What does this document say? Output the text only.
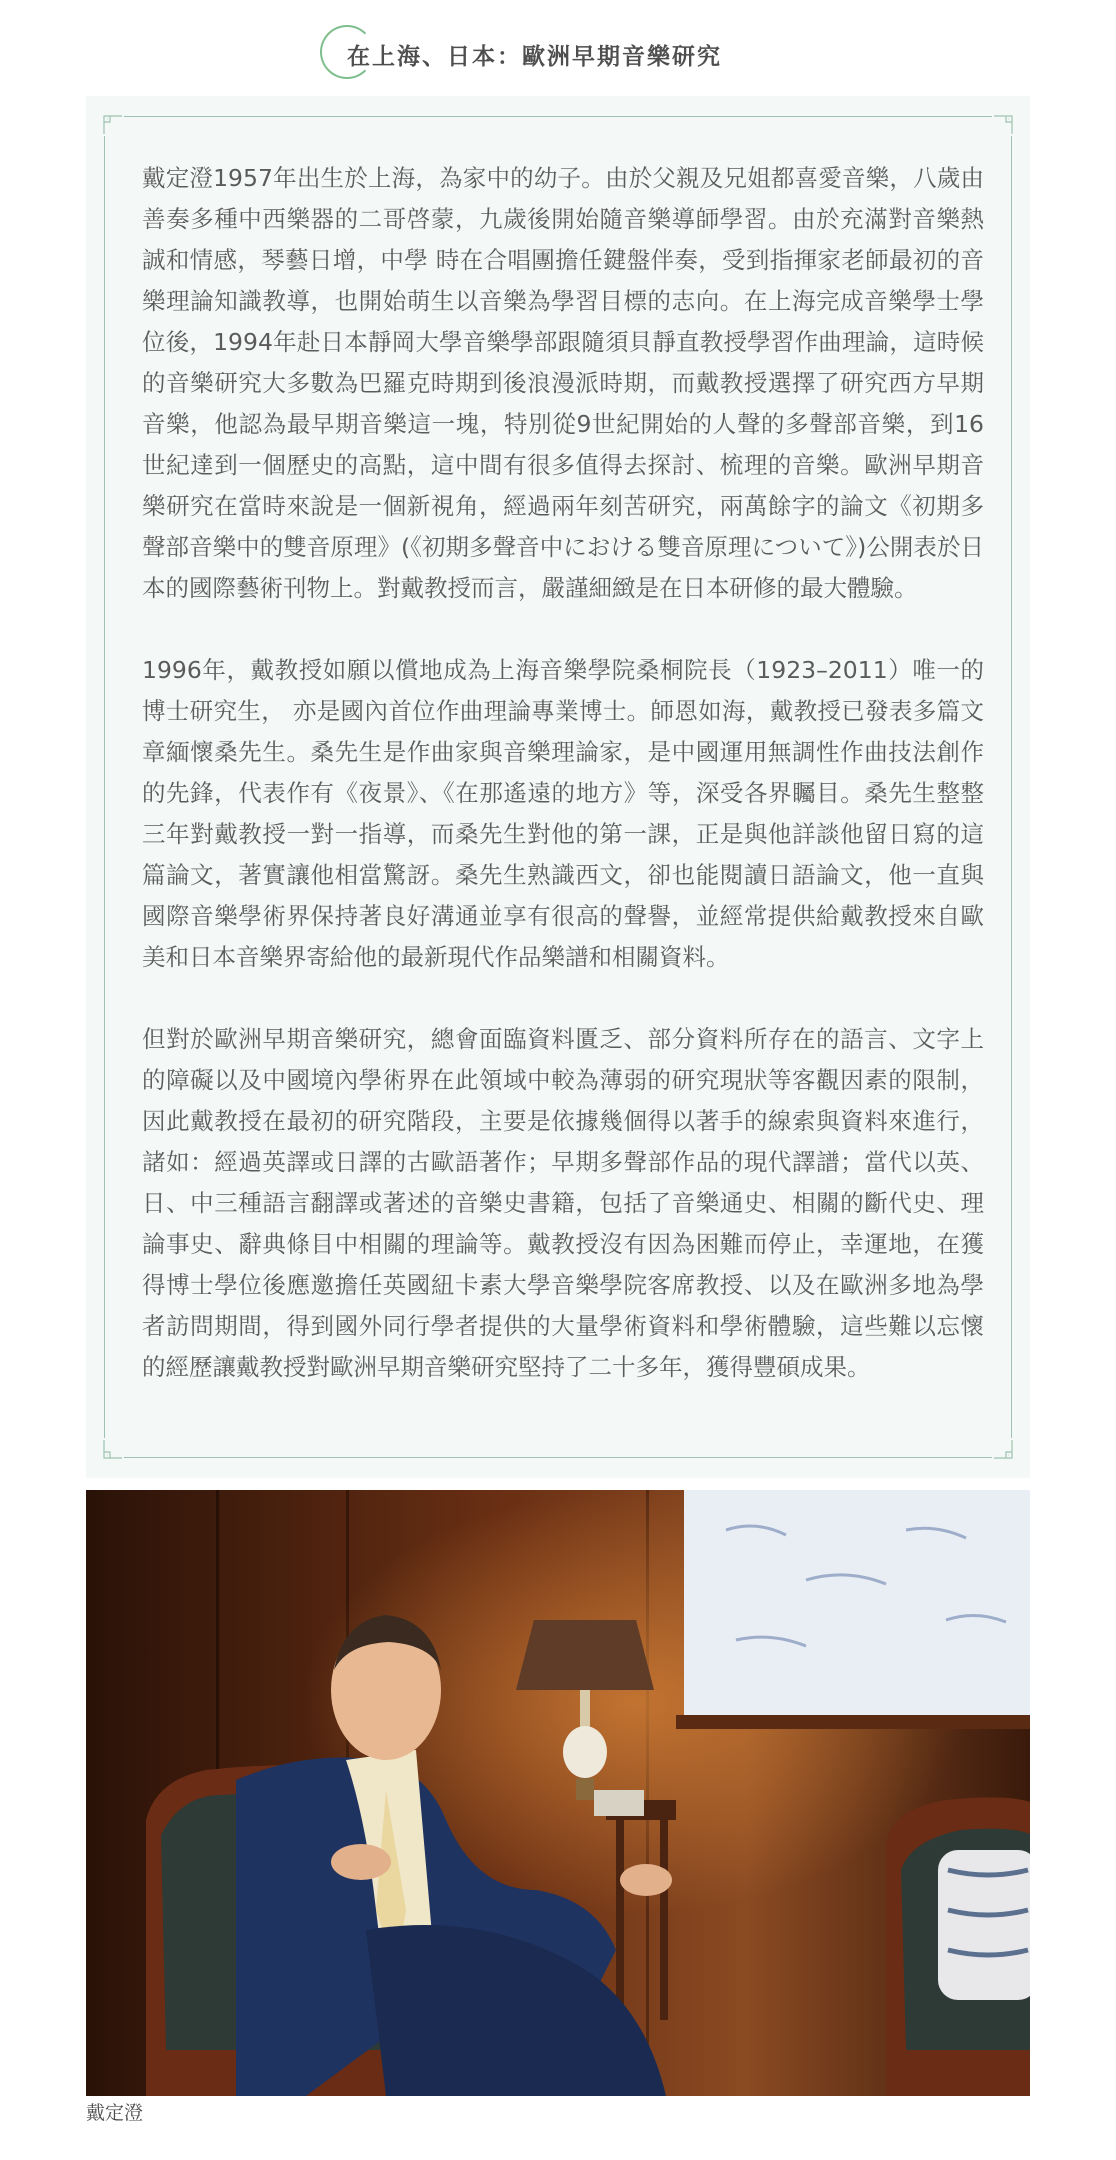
在上海、日本：歐洲早期音樂研究

戴定澄1957年出生於上海，為家中的幼子。由於父親及兄姐都喜愛音樂，八歲由善奏多種中西樂器的二哥啓蒙，九歲後開始隨音樂導師學習。由於充滿對音樂熱誠和情感，琴藝日增，中學 時在合唱團擔任鍵盤伴奏，受到指揮家老師最初的音樂理論知識教導，也開始萌生以音樂為學習目標的志向。在上海完成音樂學士學位後，1994年赴日本靜岡大學音樂學部跟隨須貝靜直教授學習作曲理論，這時候的音樂研究大多數為巴羅克時期到後浪漫派時期，而戴教授選擇了研究西方早期音樂，他認為最早期音樂這一塊，特別從9世紀開始的人聲的多聲部音樂，到16世紀達到一個歷史的高點，這中間有很多值得去探討、梳理的音樂。歐洲早期音樂研究在當時來說是一個新視角，經過兩年刻苦研究，兩萬餘字的論文《初期多聲部音樂中的雙音原理》(《初期多聲音中における雙音原理について》)公開表於日本的國際藝術刊物上。對戴教授而言，嚴謹細緻是在日本研修的最大體驗。

1996年，戴教授如願以償地成為上海音樂學院桑桐院長（1923–2011）唯一的博士研究生， 亦是國內首位作曲理論專業博士。師恩如海，戴教授已發表多篇文章緬懷桑先生。桑先生是作曲家與音樂理論家，是中國運用無調性作曲技法創作的先鋒，代表作有《夜景》、《在那遙遠的地方》等，深受各界矚目。桑先生整整三年對戴教授一對一指導，而桑先生對他的第一課，正是與他詳談他留日寫的這篇論文，著實讓他相當驚訝。桑先生熟識西文，卻也能閱讀日語論文，他一直與國際音樂學術界保持著良好溝通並享有很高的聲譽，並經常提供給戴教授來自歐美和日本音樂界寄給他的最新現代作品樂譜和相關資料。

但對於歐洲早期音樂研究，總會面臨資料匱乏、部分資料所存在的語言、文字上的障礙以及中國境內學術界在此領域中較為薄弱的研究現狀等客觀因素的限制，因此戴教授在最初的研究階段，主要是依據幾個得以著手的線索與資料來進行，諸如：經過英譯或日譯的古歐語著作；早期多聲部作品的現代譯譜；當代以英、日、中三種語言翻譯或著述的音樂史書籍，包括了音樂通史、相關的斷代史、理論事史、辭典條目中相關的理論等。戴教授沒有因為困難而停止，幸運地，在獲得博士學位後應邀擔任英國紐卡素大學音樂學院客席教授、以及在歐洲多地為學者訪問期間，得到國外同行學者提供的大量學術資料和學術體驗，這些難以忘懷的經歷讓戴教授對歐洲早期音樂研究堅持了二十多年，獲得豐碩成果。

戴定澄
